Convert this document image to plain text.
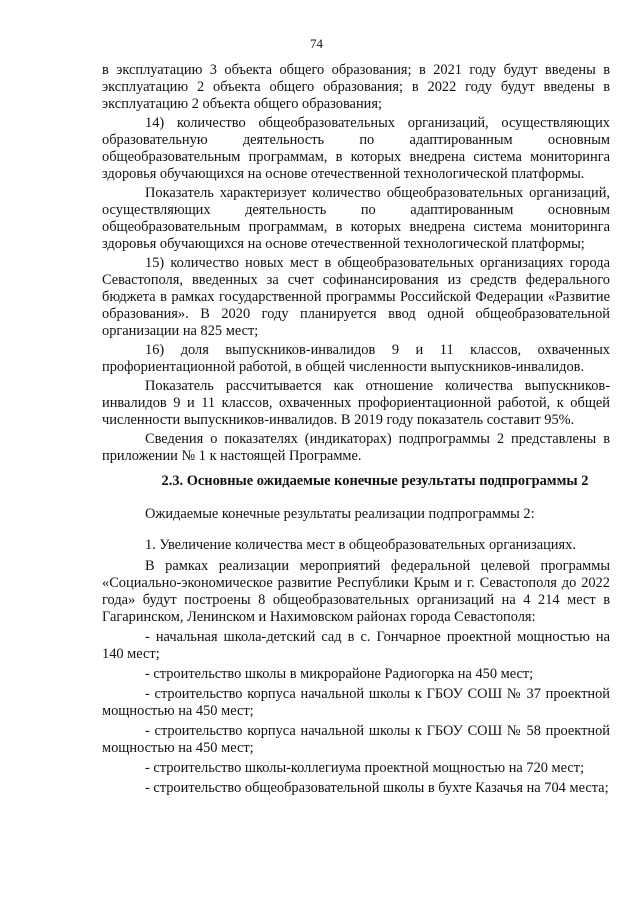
74

в эксплуатацию 3 объекта общего образования; в 2021 году будут введены в эксплуатацию 2 объекта общего образования; в 2022 году будут введены в эксплуатацию 2 объекта общего образования;

14) количество общеобразовательных организаций, осуществляющих образовательную деятельность по адаптированным основным общеобразовательным программам, в которых внедрена система мониторинга здоровья обучающихся на основе отечественной технологической платформы.

Показатель характеризует количество общеобразовательных организаций, осуществляющих деятельность по адаптированным основным общеобразовательным программам, в которых внедрена система мониторинга здоровья обучающихся на основе отечественной технологической платформы;

15) количество новых мест в общеобразовательных организациях города Севастополя, введенных за счет софинансирования из средств федерального бюджета в рамках государственной программы Российской Федерации «Развитие образования». В 2020 году планируется ввод одной общеобразовательной организации на 825 мест;

16) доля выпускников-инвалидов 9 и 11 классов, охваченных профориентационной работой, в общей численности выпускников-инвалидов.

Показатель рассчитывается как отношение количества выпускников-инвалидов 9 и 11 классов, охваченных профориентационной работой, к общей численности выпускников-инвалидов. В 2019 году показатель составит 95%.

Сведения о показателях (индикаторах) подпрограммы 2 представлены в приложении № 1 к настоящей Программе.

2.3. Основные ожидаемые конечные результаты подпрограммы 2

Ожидаемые конечные результаты реализации подпрограммы 2:

1. Увеличение количества мест в общеобразовательных организациях.

В рамках реализации мероприятий федеральной целевой программы «Социально-экономическое развитие Республики Крым и г. Севастополя до 2022 года» будут построены 8 общеобразовательных организаций на 4 214 мест в Гагаринском, Ленинском и Нахимовском районах города Севастополя:

- начальная школа-детский сад в с. Гончарное проектной мощностью на 140 мест;

- строительство школы в микрорайоне Радиогорка на 450 мест;

- строительство корпуса начальной школы к ГБОУ СОШ № 37 проектной мощностью на 450 мест;

- строительство корпуса начальной школы к ГБОУ СОШ № 58 проектной мощностью на 450 мест;

- строительство школы-коллегиума проектной мощностью на 720 мест;

- строительство общеобразовательной школы в бухте Казачья на 704 места;
